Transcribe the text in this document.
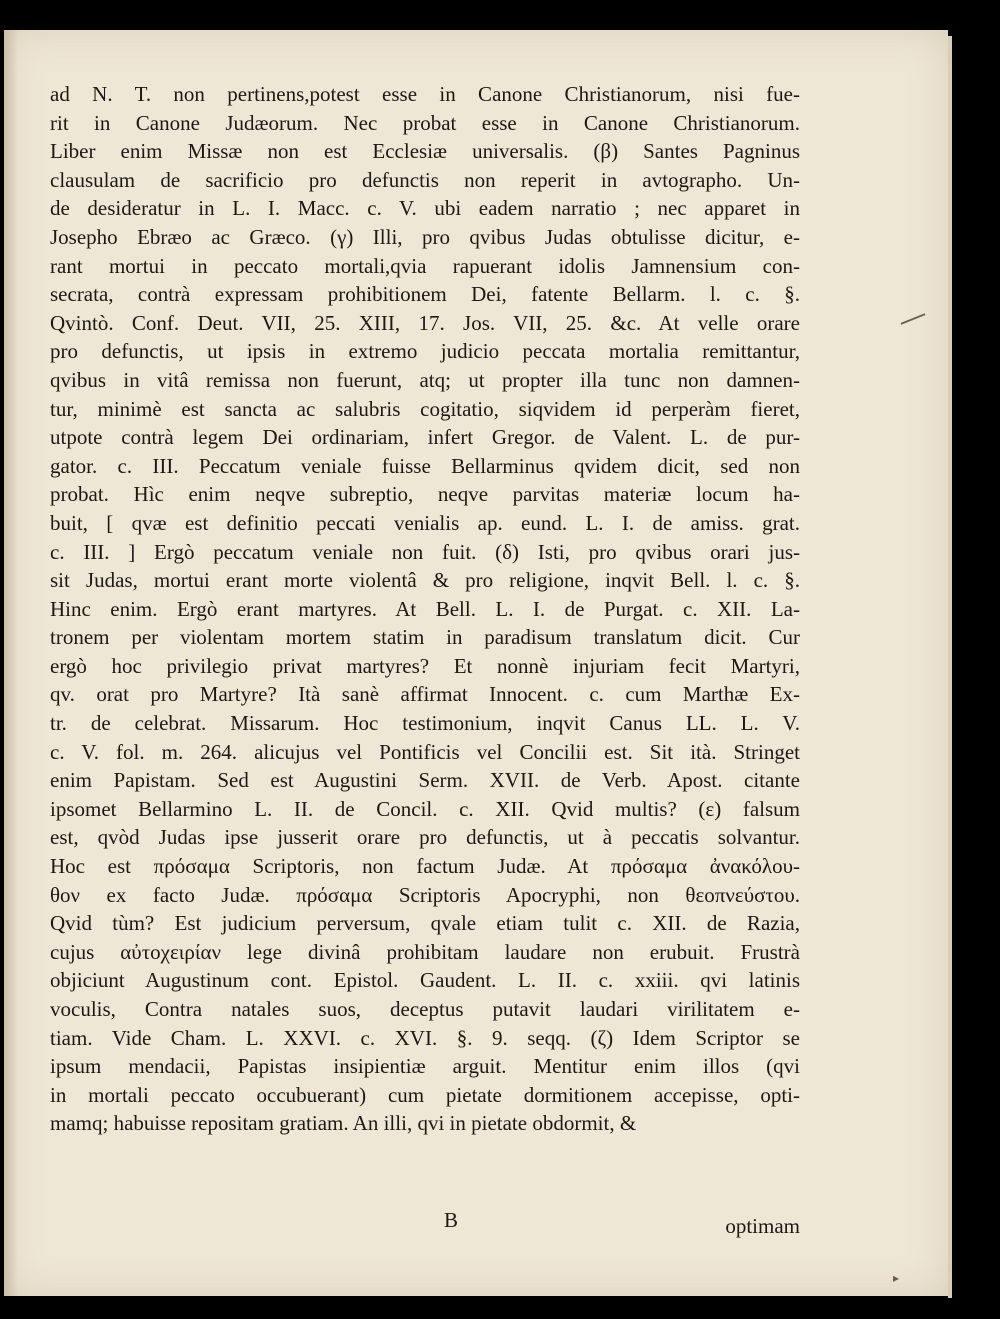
ad N. T. non pertinens,potest esse in Canone Christianorum, nisi fue-
rit in Canone Judæorum. Nec probat esse in Canone Christianorum.
Liber enim Missæ non est Ecclesiæ universalis. (β) Santes Pagninus
clausulam de sacrificio pro defunctis non reperit in avtographo. Un-
de desideratur in L. I. Macc. c. V. ubi eadem narratio ; nec apparet in
Josepho Ebræo ac Græco. (γ) Illi, pro qvibus Judas obtulisse dicitur, e-
rant mortui in peccato mortali,qvia rapuerant idolis Jamnensium con-
secrata, contrà expressam prohibitionem Dei, fatente Bellarm. l. c. §.
Qvintò. Conf. Deut. VII, 25. XIII, 17. Jos. VII, 25. &c. At velle orare
pro defunctis, ut ipsis in extremo judicio peccata mortalia remittantur,
qvibus in vitâ remissa non fuerunt, atq; ut propter illa tunc non damnen-
tur, minimè est sancta ac salubris cogitatio, siqvidem id perperàm fieret,
utpote contrà legem Dei ordinariam, infert Gregor. de Valent. L. de pur-
gator. c. III. Peccatum veniale fuisse Bellarminus qvidem dicit, sed non
probat. Hìc enim neqve subreptio, neqve parvitas materiæ locum ha-
buit, [ qvæ est definitio peccati venialis ap. eund. L. I. de amiss. grat.
c. III. ] Ergò peccatum veniale non fuit. (δ) Isti, pro qvibus orari jus-
sit Judas, mortui erant morte violentâ & pro religione, inqvit Bell. l. c. §.
Hinc enim. Ergò erant martyres. At Bell. L. I. de Purgat. c. XII. La-
tronem per violentam mortem statim in paradisum translatum dicit. Cur
ergò hoc privilegio privat martyres? Et nonnè injuriam fecit Martyri,
qv. orat pro Martyre? Ità sanè affirmat Innocent. c. cum Marthæ Ex-
tr. de celebrat. Missarum. Hoc testimonium, inqvit Canus LL. L. V.
c. V. fol. m. 264. alicujus vel Pontificis vel Concilii est. Sit ità. Stringet
enim Papistam. Sed est Augustini Serm. XVII. de Verb. Apost. citante
ipsomet Bellarmino L. II. de Concil. c. XII. Qvid multis? (ε) falsum
est, qvòd Judas ipse jusserit orare pro defunctis, ut à peccatis solvantur.
Hoc est πρόσαμα Scriptoris, non factum Judæ. At πρόσαμα ἀνακόλου-
θον ex facto Judæ. πρόσαμα Scriptoris Apocryphi, non θεοπνεύστου.
Qvid tùm? Est judicium perversum, qvale etiam tulit c. XII. de Razia,
cujus αὐτοχειρίαν lege divinâ prohibitam laudare non erubuit. Frustrà
objiciunt Augustinum cont. Epistol. Gaudent. L. II. c. xxiii. qvi latinis
voculis, Contra natales suos, deceptus putavit laudari virilitatem e-
tiam. Vide Cham. L. XXVI. c. XVI. §. 9. seqq. (ζ) Idem Scriptor se
ipsum mendacii, Papistas insipientiæ arguit. Mentitur enim illos (qvi
in mortali peccato occubuerant) cum pietate dormitionem accepisse, opti-
mamq; habuisse repositam gratiam. An illi, qvi in pietate obdormit, &
B	optimam
▸
